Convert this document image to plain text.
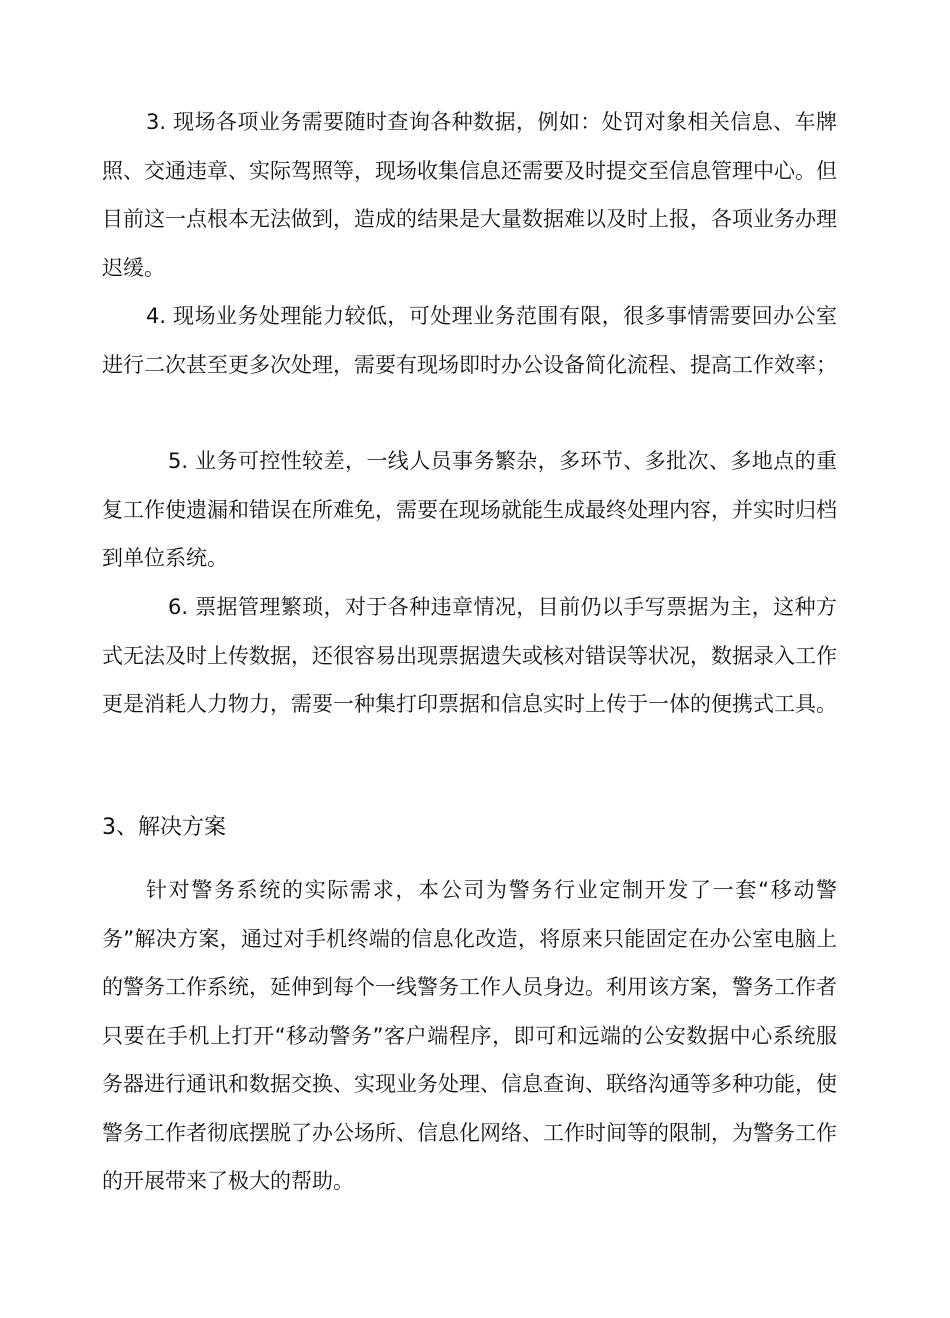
3. 现场各项业务需要随时查询各种数据，例如：处罚对象相关信息、车牌照、交通违章、实际驾照等，现场收集信息还需要及时提交至信息管理中心。但目前这一点根本无法做到，造成的结果是大量数据难以及时上报，各项业务办理迟缓。

4. 现场业务处理能力较低，可处理业务范围有限，很多事情需要回办公室进行二次甚至更多次处理，需要有现场即时办公设备简化流程、提高工作效率；

5. 业务可控性较差，一线人员事务繁杂，多环节、多批次、多地点的重复工作使遗漏和错误在所难免，需要在现场就能生成最终处理内容，并实时归档到单位系统。

6. 票据管理繁琐，对于各种违章情况，目前仍以手写票据为主，这种方式无法及时上传数据，还很容易出现票据遗失或核对错误等状况，数据录入工作更是消耗人力物力，需要一种集打印票据和信息实时上传于一体的便携式工具。

3、解决方案

针对警务系统的实际需求，本公司为警务行业定制开发了一套“移动警务”解决方案，通过对手机终端的信息化改造，将原来只能固定在办公室电脑上的警务工作系统，延伸到每个一线警务工作人员身边。利用该方案，警务工作者只要在手机上打开“移动警务”客户端程序，即可和远端的公安数据中心系统服务器进行通讯和数据交换、实现业务处理、信息查询、联络沟通等多种功能，使警务工作者彻底摆脱了办公场所、信息化网络、工作时间等的限制，为警务工作的开展带来了极大的帮助。
